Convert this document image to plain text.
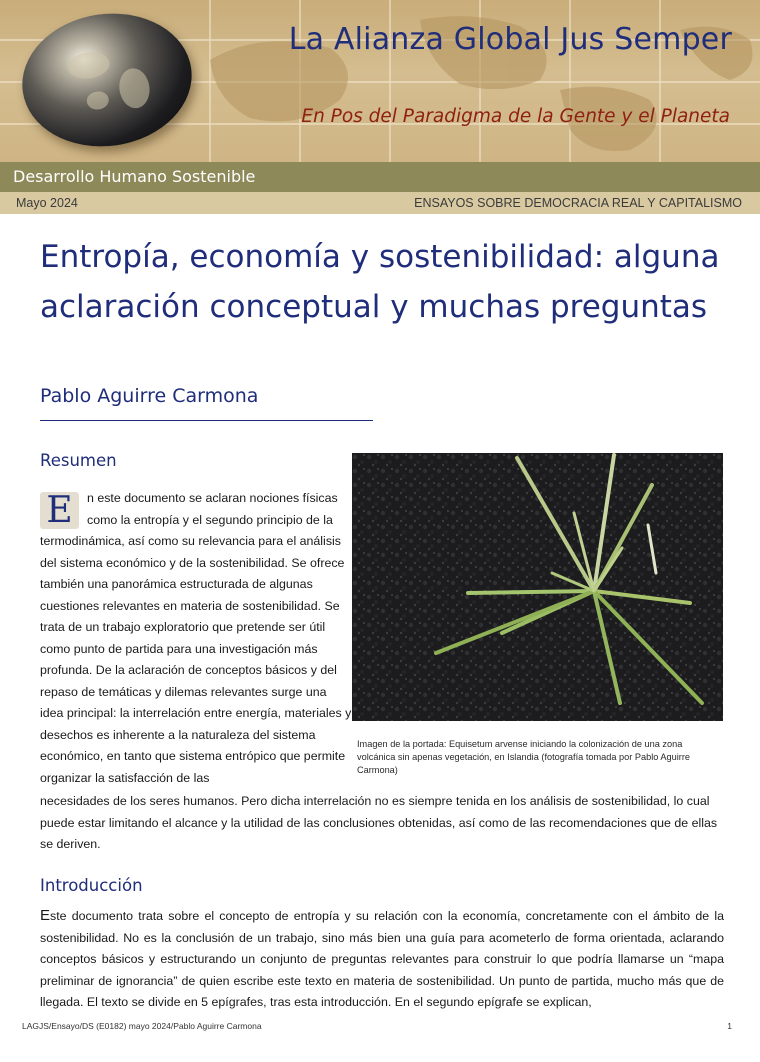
La Alianza Global Jus Semper
En Pos del Paradigma de la Gente y el Planeta
Desarrollo Humano Sostenible
Mayo 2024	ENSAYOS SOBRE DEMOCRACIA REAL Y CAPITALISMO
Entropía, economía y sostenibilidad: alguna
aclaración conceptual y muchas preguntas
Pablo Aguirre Carmona
Resumen
E	n este documento se aclaran nociones físicas como la entropía y el segundo principio de la termodinámica, así como su relevancia para el análisis del sistema económico y de la sostenibilidad. Se ofrece también una panorámica estructurada de algunas cuestiones relevantes en materia de sostenibilidad. Se trata de un trabajo exploratorio que pretende ser útil como punto de partida para una investigación más profunda. De la aclaración de conceptos básicos y del repaso de temáticas y dilemas relevantes surge una idea principal: la interrelación entre energía, materiales y desechos es inherente a la naturaleza del sistema económico, en tanto que sistema entrópico que permite organizar la satisfacción de las
necesidades de los seres humanos. Pero dicha interrelación no es siempre tenida en los análisis de sostenibilidad, lo cual puede estar limitando el alcance y la utilidad de las conclusiones obtenidas, así como de las recomendaciones que de ellas se deriven.
Imagen de la portada: Equisetum arvense iniciando la colonización de una zona volcánica sin apenas vegetación, en Islandia (fotografía tomada por Pablo Aguirre Carmona)
Introducción
Este documento trata sobre el concepto de entropía y su relación con la economía, concretamente con el ámbito de la sostenibilidad. No es la conclusión de un trabajo, sino más bien una guía para acometerlo de forma orientada, aclarando conceptos básicos y estructurando un conjunto de preguntas relevantes para construir lo que podría llamarse un “mapa preliminar de ignorancia” de quien escribe este texto en materia de sostenibilidad. Un punto de partida, mucho más que de llegada. El texto se divide en 5 epígrafes, tras esta introducción. En el segundo epígrafe se explican,
LAGJS/Ensayo/DS (E0182) mayo 2024/Pablo Aguirre Carmona	1
